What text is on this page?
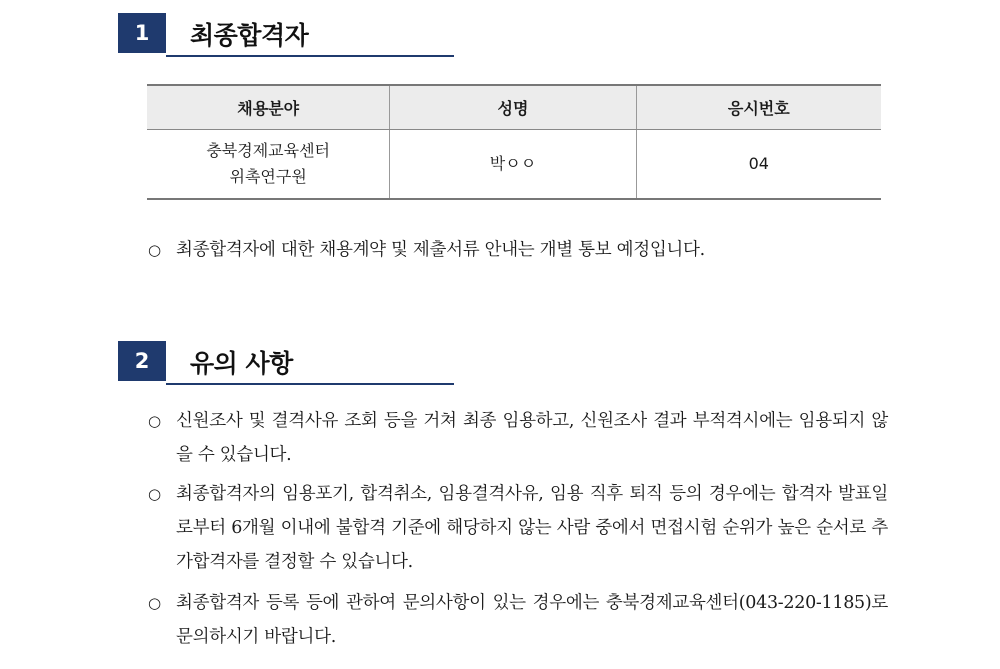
1	최종합격자
채용분야	성명	응시번호

충북경제교육센터
위촉연구원	박ㅇㅇ	04
○ 최종합격자에 대한 채용계약 및 제출서류 안내는 개별 통보 예정입니다.
2	유의 사항
○ 신원조사 및 결격사유 조회 등을 거쳐 최종 임용하고, 신원조사 결과 부적격시에는 임용되지 않을 수 있습니다.
○ 최종합격자의 임용포기, 합격취소, 임용결격사유, 임용 직후 퇴직 등의 경우에는 합격자 발표일로부터 6개월 이내에 불합격 기준에 해당하지 않는 사람 중에서 면접시험 순위가 높은 순서로 추가합격자를 결정할 수 있습니다.
○ 최종합격자 등록 등에 관하여 문의사항이 있는 경우에는 충북경제교육센터(043-220-1185)로 문의하시기 바랍니다.
